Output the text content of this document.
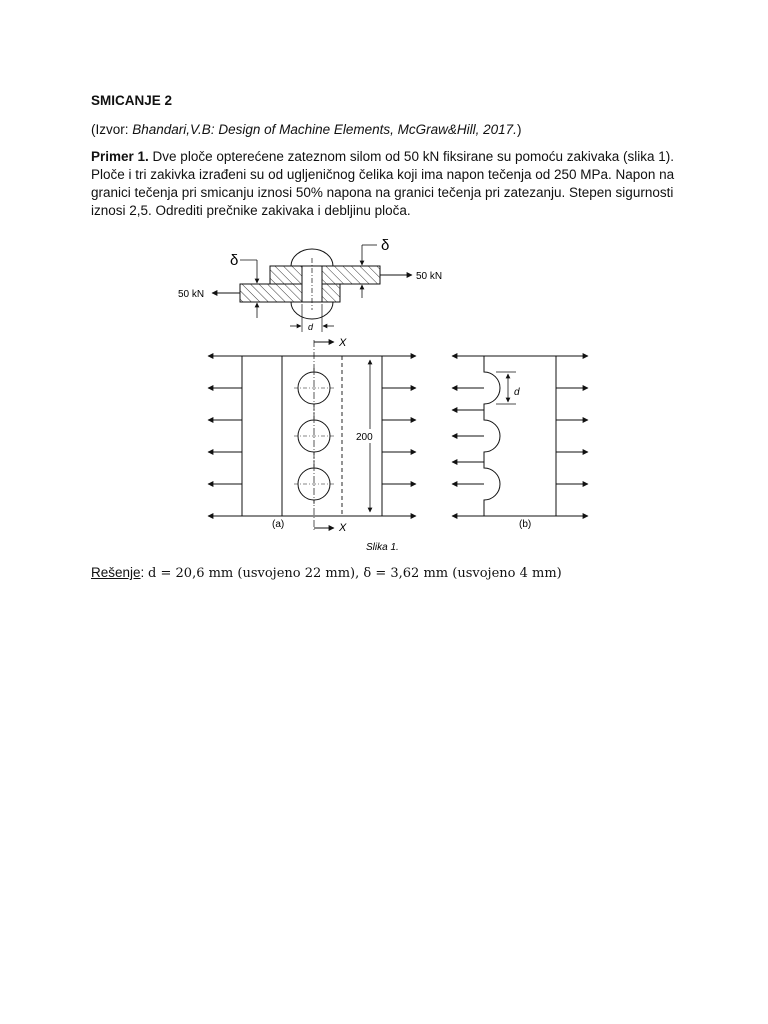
SMICANJE 2

(Izvor: Bhandari,V.B: Design of Machine Elements, McGraw&Hill, 2017.)

Primer 1. Dve ploče opterećene zateznom silom od 50 kN fiksirane su pomoću zakivaka (slika 1). Ploče i tri zakivka izrađeni su od ugljeničnog čelika koji ima napon tečenja od 250 MPa. Napon na granici tečenja pri smicanju iznosi 50% napona na granici tečenja pri zatezanju. Stepen sigurnosti iznosi 2,5. Odrediti prečnike zakivaka i debljinu ploča.

50 kN
50 kN
δ
δ
d
X
X
200
(a)
d
(b)
Slika 1.

Rešenje: d = 20,6 mm (usvojeno 22 mm), δ = 3,62 mm (usvojeno 4 mm)
